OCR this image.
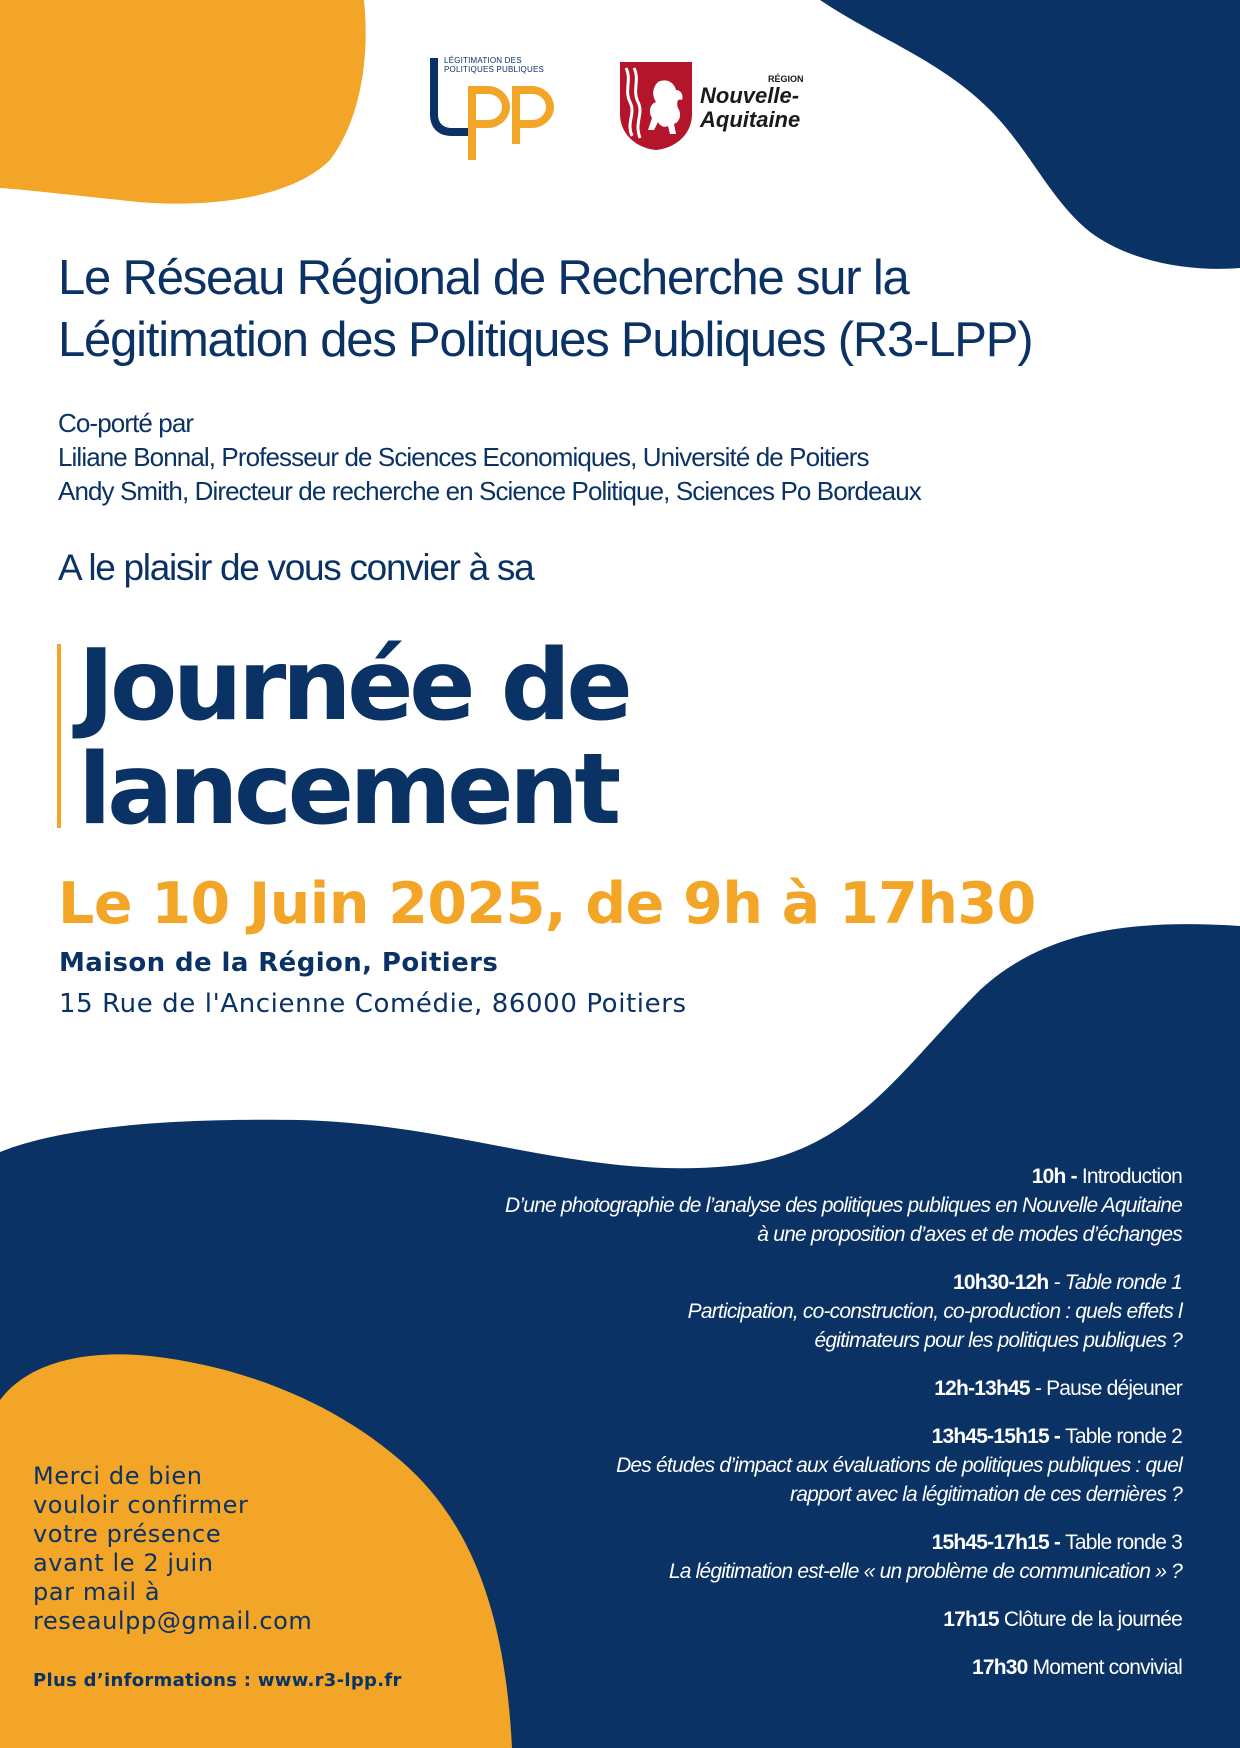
LÉGITIMATION DES
POLITIQUES PUBLIQUES
RÉGION
Nouvelle-
Aquitaine
Le Réseau Régional de Recherche sur la
Légitimation des Politiques Publiques (R3-LPP)
Co-porté par
Liliane Bonnal, Professeur de Sciences Economiques, Université de Poitiers
Andy Smith, Directeur de recherche en Science Politique, Sciences Po Bordeaux
A le plaisir de vous convier à sa
Journée de
lancement
Le 10 Juin 2025, de 9h à 17h30
Maison de la Région, Poitiers
15 Rue de l'Ancienne Comédie, 86000 Poitiers
Programme
9h Accueil café
9h45 - Mot d’ouverture
10h - Introduction
D’une photographie de l’analyse des politiques publiques en Nouvelle Aquitaine
à une proposition d’axes et de modes d’échanges
10h30-12h - Table ronde 1
Participation, co-construction, co-production : quels effets l
égitimateurs pour les politiques publiques ?
12h-13h45 - Pause déjeuner
13h45-15h15 - Table ronde 2
Des études d’impact aux évaluations de politiques publiques : quel
rapport avec la légitimation de ces dernières ?
15h45-17h15 - Table ronde 3
La légitimation est-elle « un problème de communication » ?
17h15 Clôture de la journée
17h30 Moment convivial
Merci de bien
vouloir confirmer
votre présence
avant le 2 juin
par mail à
reseaulpp@gmail.com
Plus d’informations : www.r3-lpp.fr
